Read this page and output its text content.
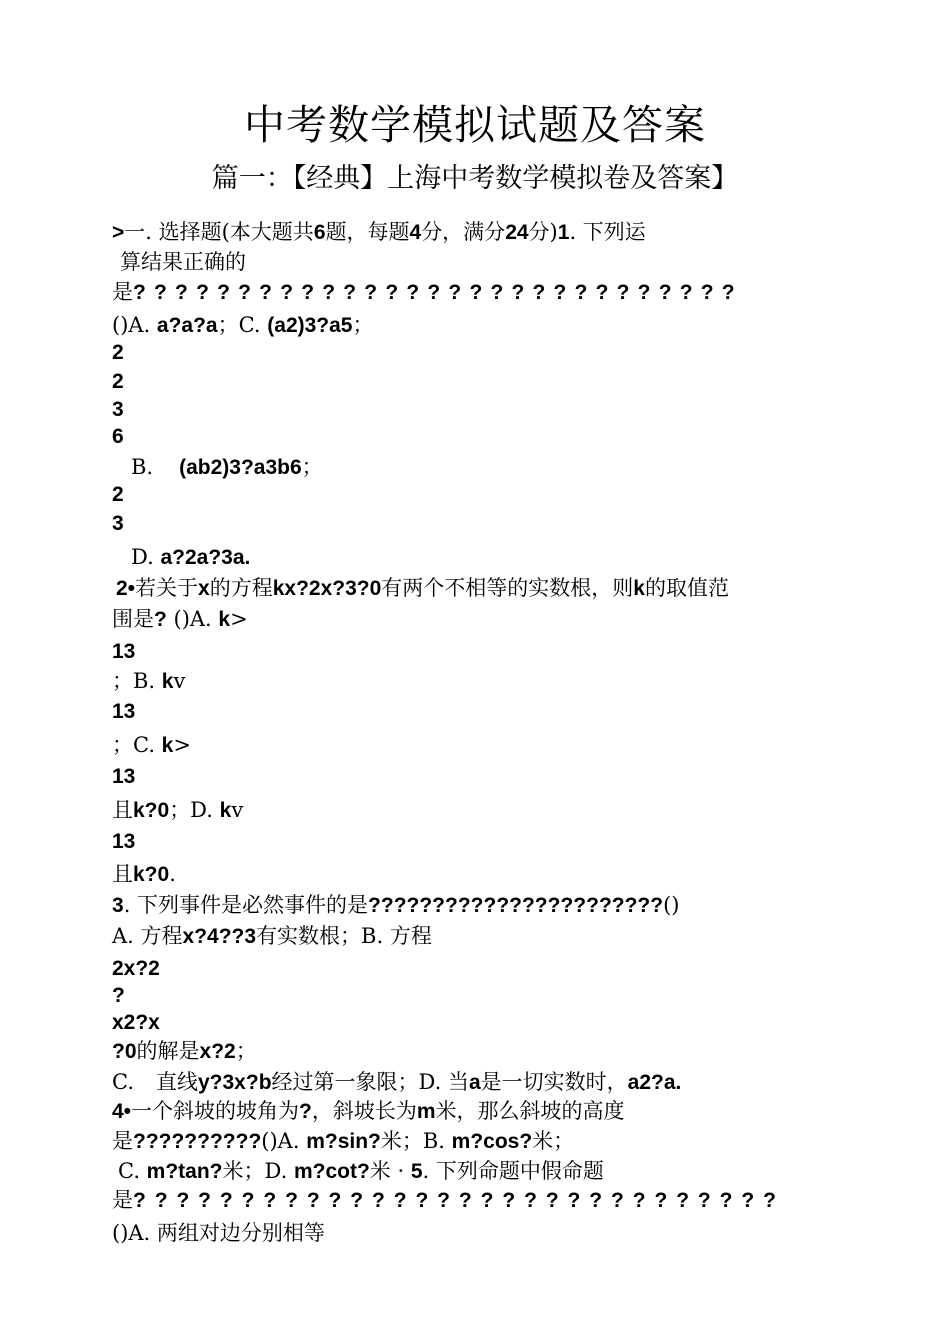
中考数学模拟试题及答案
篇一：【经典】上海中考数学模拟卷及答案】
>一. 选择题(本大题共6题，每题4分，满分24分)1. 下列运
算结果正确的
是?????????????????????????????
()A. a?a?a；C. (a2)3?a5；
2
2
3
6
B. (ab2)3?a3b6；
2
3
D. a?2a?3a.
2•若关于x的方程kx?2x?3?0有两个不相等的实数根，则k的取值范
围是? ()A. k>
13
；B. kv
13
；C. k>
13
且k?0；D. kv
13
且k?0.
3. 下列事件是必然事件的是???????????????????????()
A. 方程x?4??3有实数根；B. 方程
2x?2
?
x2?x
?0的解是x?2；
C. 直线y?3x?b经过第一象限；D. 当a是一切实数时，a2?a.
4•一个斜坡的坡角为?，斜坡长为m米，那么斜坡的高度
是??????????()A. m?sin?米；B. m?cos?米；
C. m?tan?米；D. m?cot?米 · 5. 下列命题中假命题
是??????????????????????????????
()A. 两组对边分别相等
